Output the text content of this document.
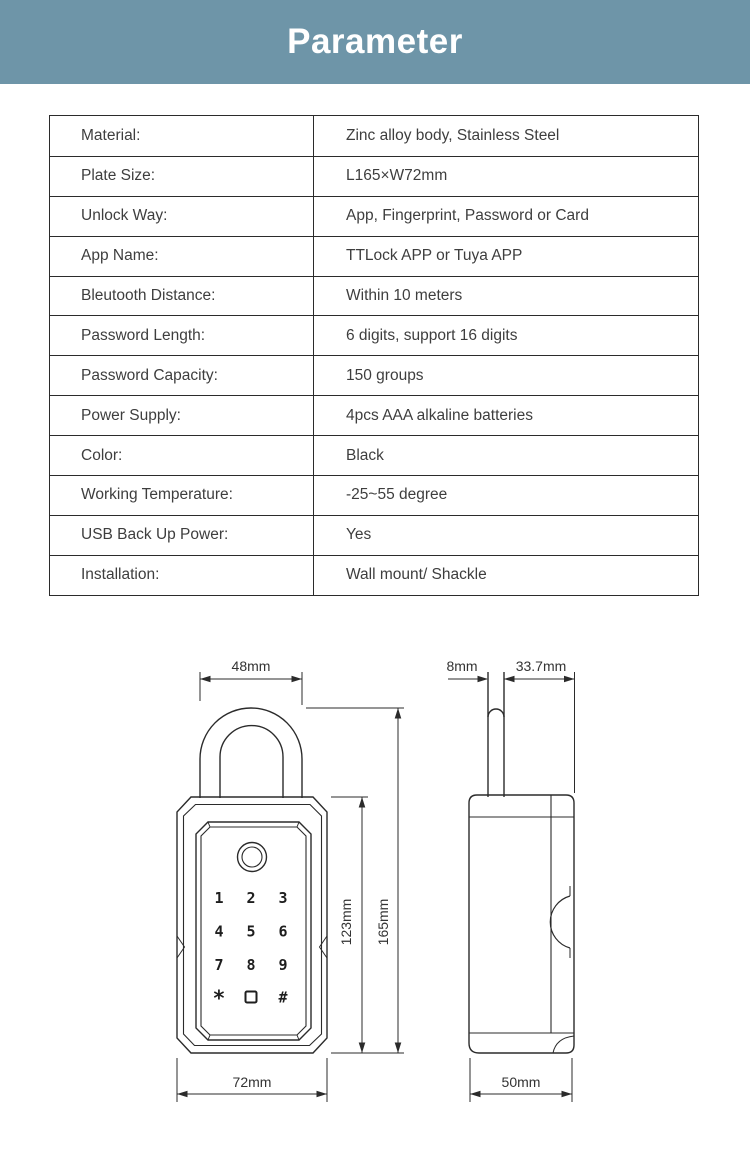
Parameter
Material:	Zinc alloy body, Stainless Steel
Plate Size:	L165×W72mm
Unlock Way:	App, Fingerprint, Password or Card
App Name:	TTLock APP or Tuya APP
Bleutooth Distance:	Within 10 meters
Password Length:	6 digits, support 16 digits
Password Capacity:	150 groups
Power Supply:	4pcs AAA alkaline batteries
Color:	Black
Working Temperature:	-25~55 degree
USB Back Up Power:	Yes
Installation:	Wall mount/ Shackle
48mm
1 2 3
4 5 6
7 8 9
*	#
123mm 165mm
72mm
8mm	33.7mm
50mm
